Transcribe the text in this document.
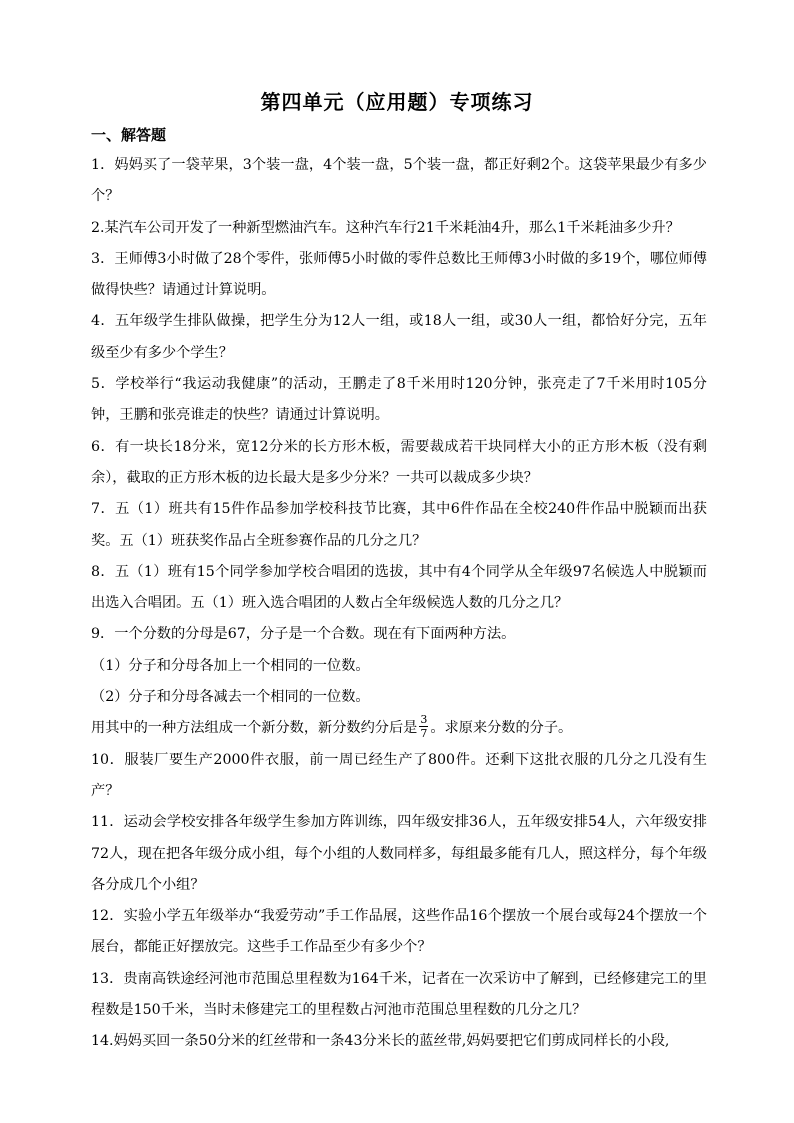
第四单元（应用题）专项练习
一、解答题

1．妈妈买了一袋苹果，3个装一盘，4个装一盘，5个装一盘，都正好剩2个。这袋苹果最少有多少个？

2.某汽车公司开发了一种新型燃油汽车。这种汽车行21千米耗油4升，那么1千米耗油多少升？

3．王师傅3小时做了28个零件，张师傅5小时做的零件总数比王师傅3小时做的多19个，哪位师傅做得快些？请通过计算说明。

4．五年级学生排队做操，把学生分为12人一组，或18人一组，或30人一组，都恰好分完，五年级至少有多少个学生？

5．学校举行“我运动我健康”的活动，王鹏走了8千米用时120分钟，张亮走了7千米用时105分钟，王鹏和张亮谁走的快些？请通过计算说明。

6．有一块长18分米，宽12分米的长方形木板，需要裁成若干块同样大小的正方形木板（没有剩余），截取的正方形木板的边长最大是多少分米？一共可以裁成多少块？

7．五（1）班共有15件作品参加学校科技节比赛，其中6件作品在全校240件作品中脱颖而出获奖。五（1）班获奖作品占全班参赛作品的几分之几？

8．五（1）班有15个同学参加学校合唱团的选拔，其中有4个同学从全年级97名候选人中脱颖而出选入合唱团。五（1）班入选合唱团的人数占全年级候选人数的几分之几？

9．一个分数的分母是67，分子是一个合数。现在有下面两种方法。

（1）分子和分母各加上一个相同的一位数。

（2）分子和分母各减去一个相同的一位数。

用其中的一种方法组成一个新分数，新分数约分后是 $\frac{3}{7}$ 。求原来分数的分子。

10．服装厂要生产2000件衣服，前一周已经生产了800件。还剩下这批衣服的几分之几没有生产？

11．运动会学校安排各年级学生参加方阵训练，四年级安排36人，五年级安排54人，六年级安排72人，现在把各年级分成小组，每个小组的人数同样多，每组最多能有几人，照这样分，每个年级各分成几个小组？

12．实验小学五年级举办“我爱劳动”手工作品展，这些作品16个摆放一个展台或每24个摆放一个展台，都能正好摆放完。这些手工作品至少有多少个？

13．贵南高铁途经河池市范围总里程数为164千米，记者在一次采访中了解到，已经修建完工的里程数是150千米，当时未修建完工的里程数占河池市范围总里程数的几分之几？

14.妈妈买回一条50分米的红丝带和一条43分米长的蓝丝带,妈妈要把它们剪成同样长的小段,
